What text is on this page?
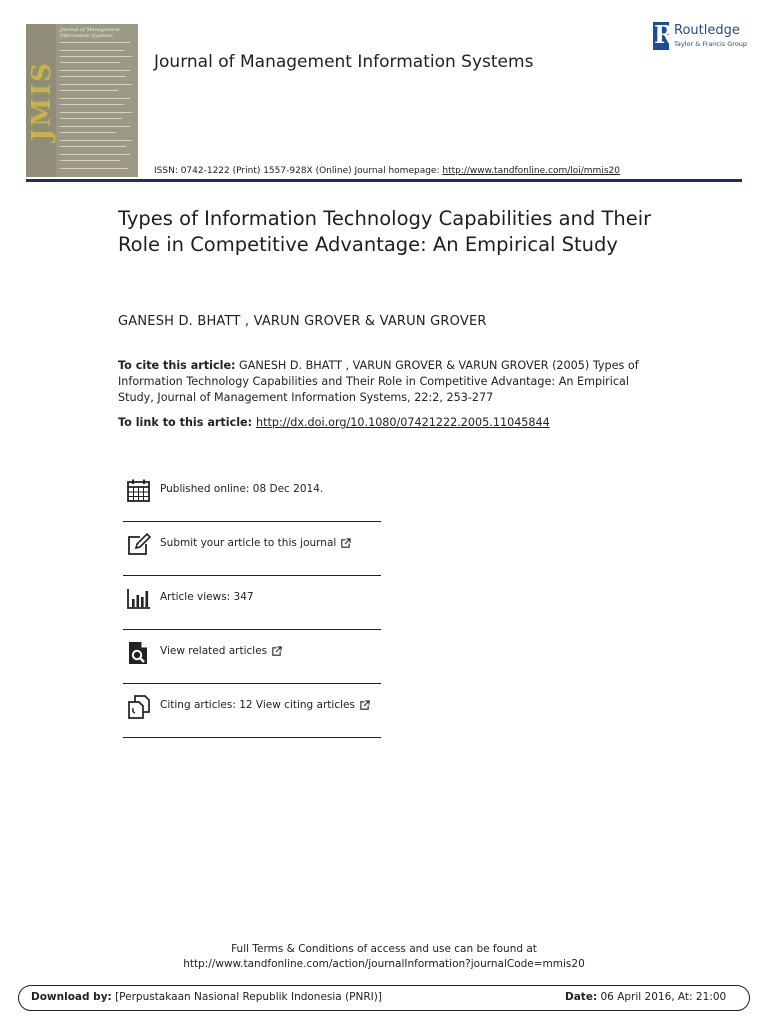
JMIS
Journal of Management Information Systems
Journal of Management Information Systems
ISSN: 0742-1222 (Print) 1557-928X (Online) Journal homepage: http://www.tandfonline.com/loi/mmis20
R Routledge
Taylor & Francis Group
Types of Information Technology Capabilities and Their Role in Competitive Advantage: An Empirical Study
GANESH D. BHATT , VARUN GROVER & VARUN GROVER
To cite this article: GANESH D. BHATT , VARUN GROVER & VARUN GROVER (2005) Types of Information Technology Capabilities and Their Role in Competitive Advantage: An Empirical Study, Journal of Management Information Systems, 22:2, 253-277
To link to this article: http://dx.doi.org/10.1080/07421222.2005.11045844
Published online: 08 Dec 2014.
Submit your article to this journal
Article views: 347
View related articles
Citing articles: 12 View citing articles
Full Terms & Conditions of access and use can be found at
http://www.tandfonline.com/action/journalInformation?journalCode=mmis20
Download by: [Perpustakaan Nasional Republik Indonesia (PNRI)]	Date: 06 April 2016, At: 21:00
